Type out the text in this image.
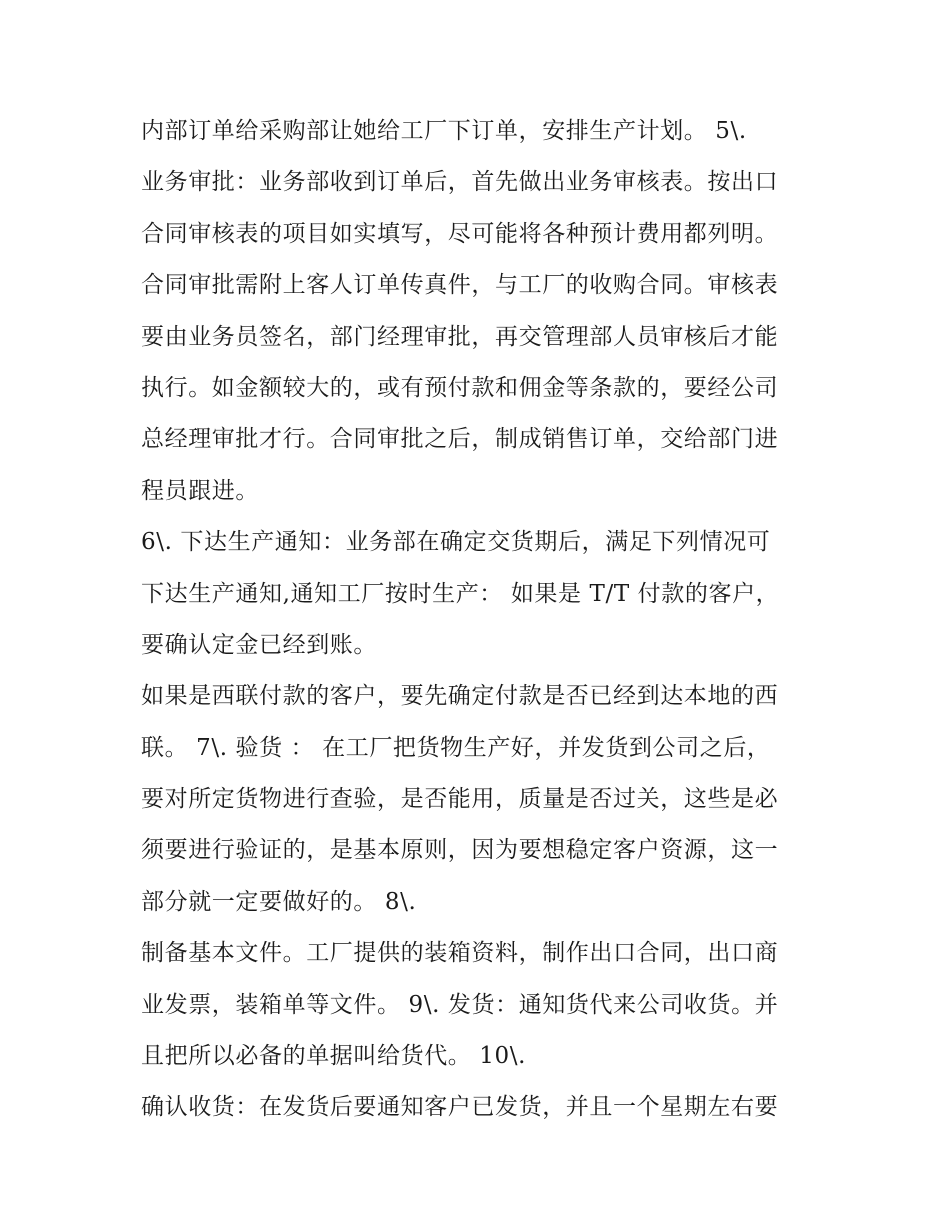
内部订单给采购部让她给工厂下订单，安排生产计划。 5\.
业务审批：业务部收到订单后，首先做出业务审核表。按出口
合同审核表的项目如实填写，尽可能将各种预计费用都列明。
合同审批需附上客人订单传真件，与工厂的收购合同。审核表
要由业务员签名，部门经理审批，再交管理部人员审核后才能
执行。如金额较大的，或有预付款和佣金等条款的，要经公司
总经理审批才行。合同审批之后，制成销售订单，交给部门进
程员跟进。
6\. 下达生产通知：业务部在确定交货期后，满足下列情况可
下达生产通知,通知工厂按时生产： 如果是 T/T 付款的客户，
要确认定金已经到账。
如果是西联付款的客户，要先确定付款是否已经到达本地的西
联。 7\. 验货 ： 在工厂把货物生产好，并发货到公司之后，
要对所定货物进行查验，是否能用，质量是否过关，这些是必
须要进行验证的，是基本原则，因为要想稳定客户资源，这一
部分就一定要做好的。 8\.
制备基本文件。工厂提供的装箱资料，制作出口合同，出口商
业发票，装箱单等文件。 9\. 发货：通知货代来公司收货。并
且把所以必备的单据叫给货代。 10\.
确认收货：在发货后要通知客户已发货，并且一个星期左右要
